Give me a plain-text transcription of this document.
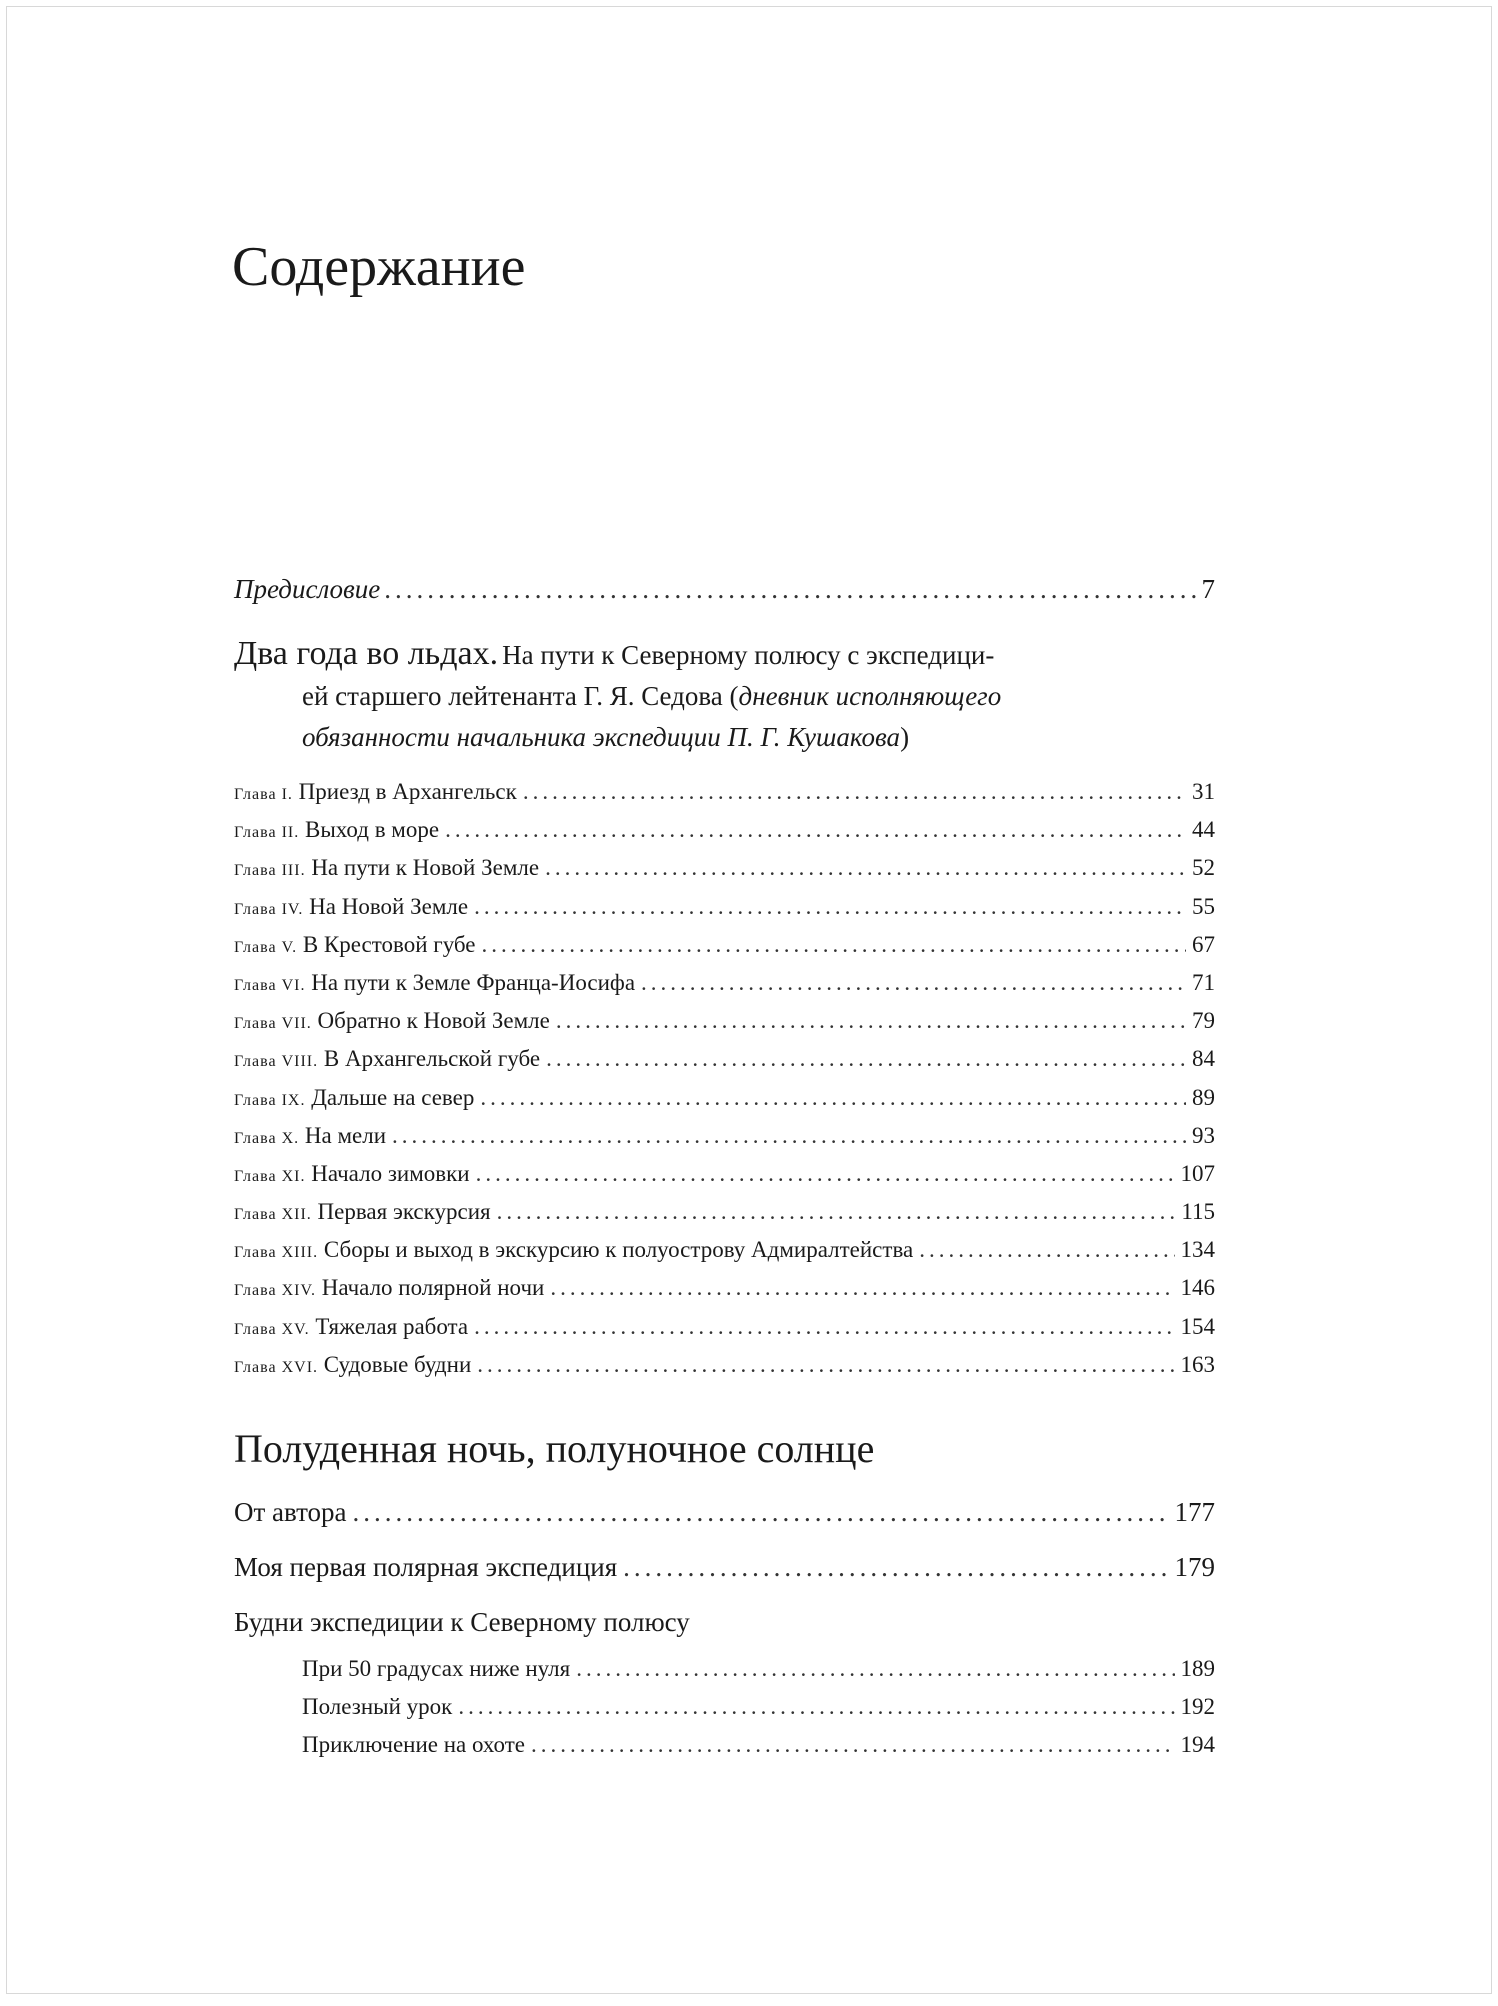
Содержание
Предисловие .....	7
Два года во льдах. На пути к Северному полюсу с экспедици-
ей старшего лейтенанта Г. Я. Седова (дневник исполняющего
обязанности начальника экспедиции П. Г. Кушакова)
Глава I. Приезд в Архангельск .....	31
Глава II. Выход в море .....	44
Глава III. На пути к Новой Земле .....	52
Глава IV. На Новой Земле .....	55
Глава V. В Крестовой губе .....	67
Глава VI. На пути к Земле Франца-Иосифа .....	71
Глава VII. Обратно к Новой Земле .....	79
Глава VIII. В Архангельской губе .....	84
Глава IX. Дальше на север .....	89
Глава X. На мели .....	93
Глава XI. Начало зимовки .....	107
Глава XII. Первая экскурсия .....	115
Глава XIII. Сборы и выход в экскурсию к полуострову Адмиралтейства .....	134
Глава XIV. Начало полярной ночи .....	146
Глава XV. Тяжелая работа .....	154
Глава XVI. Судовые будни .....	163
Полуденная ночь, полуночное солнце
От автора .....	177
Моя первая полярная экспедиция .....	179
Будни экспедиции к Северному полюсу
При 50 градусах ниже нуля .....	189
Полезный урок .....	192
Приключение на охоте .....	194
